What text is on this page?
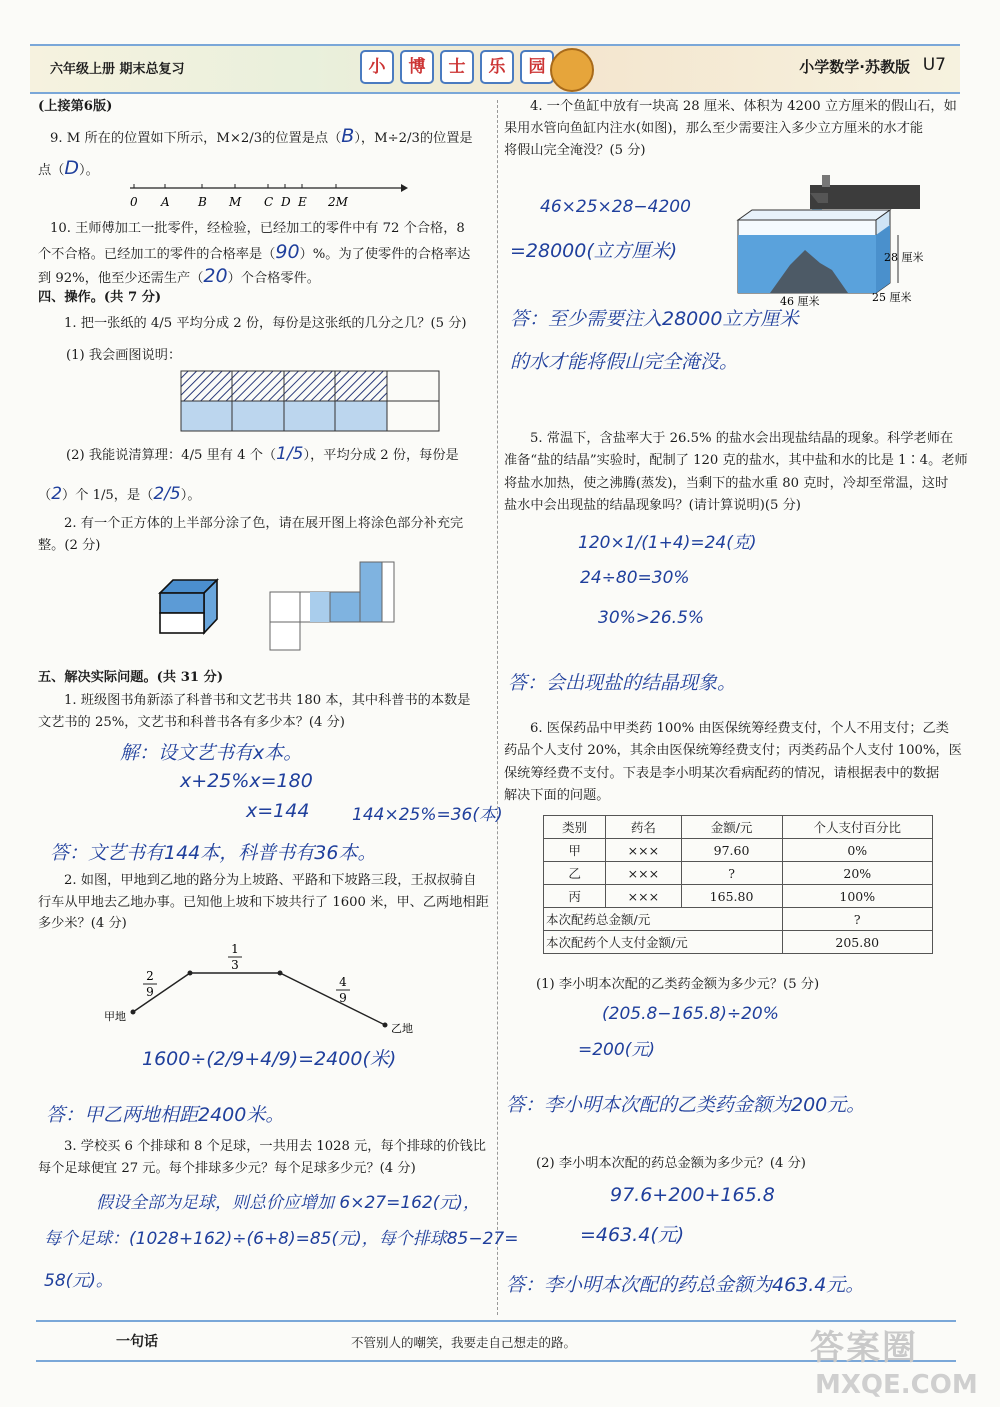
六年级上册 期末总复习	小	博	士	乐	园	小学数学·苏教版 U7
(上接第6版)
9. M 所在的位置如下所示，M×2/3的位置是点（B），M÷2/3的位置是
点（D）。
0 A B M C D E 2M
10. 王师傅加工一批零件，经检验，已经加工的零件中有 72 个合格，8
个不合格。已经加工的零件的合格率是（90）%。为了使零件的合格率达
到 92%，他至少还需生产（20）个合格零件。
四、操作。(共 7 分)
1. 把一张纸的 4/5 平均分成 2 份，每份是这张纸的几分之几？(5 分)
(1) 我会画图说明：
(2) 我能说清算理：4/5 里有 4 个（1/5），平均分成 2 份，每份是
（2）个 1/5，是（2/5）。
2. 有一个正方体的上半部分涂了色，请在展开图上将涂色部分补充完
整。(2 分)
五、解决实际问题。(共 31 分)
1. 班级图书角新添了科普书和文艺书共 180 本，其中科普书的本数是
文艺书的 25%，文艺书和科普书各有多少本？(4 分)
解：设文艺书有x本。
x+25%x=180
x=144	144×25%=36(本)
答：文艺书有144本，科普书有36本。
2. 如图，甲地到乙地的路分为上坡路、平路和下坡路三段，王叔叔骑自
行车从甲地去乙地办事。已知他上坡和下坡共行了 1600 米，甲、乙两地相距
多少米？(4 分)
1
3
2
9
4
9
甲地
乙地
1600÷(2/9+4/9)=2400(米)
答：甲乙两地相距2400米。
3. 学校买 6 个排球和 8 个足球，一共用去 1028 元，每个排球的价钱比
每个足球便宜 27 元。每个排球多少元？每个足球多少元？(4 分)
假设全部为足球，则总价应增加 6×27=162(元)，
每个足球：(1028+162)÷(6+8)=85(元)，每个排球85−27=
58(元)。
4. 一个鱼缸中放有一块高 28 厘米、体积为 4200 立方厘米的假山石，如
果用水管向鱼缸内注水(如图)，那么至少需要注入多少立方厘米的水才能
将假山完全淹没？(5 分)
28 厘米
46 厘米	25 厘米
46×25×28−4200
=28000(立方厘米)
答：至少需要注入28000立方厘米
的水才能将假山完全淹没。
5. 常温下，含盐率大于 26.5% 的盐水会出现盐结晶的现象。科学老师在
准备“盐的结晶”实验时，配制了 120 克的盐水，其中盐和水的比是 1∶4。老师
将盐水加热，使之沸腾(蒸发)，当剩下的盐水重 80 克时，冷却至常温，这时
盐水中会出现盐的结晶现象吗？(请计算说明)(5 分)
120×1/(1+4)=24(克)
24÷80=30%
30%>26.5%
答：会出现盐的结晶现象。
6. 医保药品中甲类药 100% 由医保统筹经费支付，个人不用支付；乙类
药品个人支付 20%，其余由医保统筹经费支付；丙类药品个人支付 100%，医
保统筹经费不支付。下表是李小明某次看病配药的情况，请根据表中的数据
解决下面的问题。
类别	药名	金额/元	个人支付百分比
甲	×××	97.60	0%
乙	×××	?	20%
丙	×××	165.80	100%
本次配药总金额/元			?
本次配药个人支付金额/元			205.80
(1) 李小明本次配的乙类药金额为多少元？(5 分)
(205.8−165.8)÷20%
=200(元)
答：李小明本次配的乙类药金额为200元。
(2) 李小明本次配的药总金额为多少元？(4 分)
97.6+200+165.8
=463.4(元)
答：李小明本次配的药总金额为463.4元。
一句话	不管别人的嘲笑，我要走自己想走的路。	答案圈
MXQE.COM
